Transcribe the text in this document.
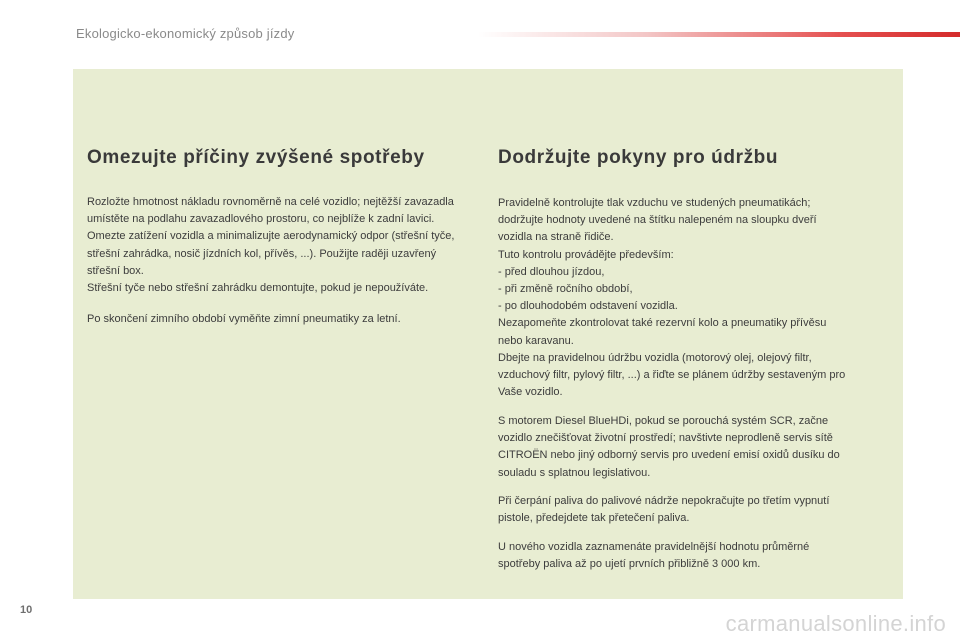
Ekologicko-ekonomický způsob jízdy
Omezujte příčiny zvýšené spotřeby

Rozložte hmotnost nákladu rovnoměrně na celé vozidlo; nejtěžší zavazadla
umístěte na podlahu zavazadlového prostoru, co nejblíže k zadní lavici.
Omezte zatížení vozidla a minimalizujte aerodynamický odpor (střešní tyče,
střešní zahrádka, nosič jízdních kol, přívěs, ...). Použijte raději uzavřený
střešní box.
Střešní tyče nebo střešní zahrádku demontujte, pokud je nepoužíváte.

Po skončení zimního období vyměňte zimní pneumatiky za letní.

Dodržujte pokyny pro údržbu

Pravidelně kontrolujte tlak vzduchu ve studených pneumatikách;
dodržujte hodnoty uvedené na štítku nalepeném na sloupku dveří
vozidla na straně řidiče.
Tuto kontrolu provádějte především:
- před dlouhou jízdou,
- při změně ročního období,
- po dlouhodobém odstavení vozidla.
Nezapomeňte zkontrolovat také rezervní kolo a pneumatiky přívěsu
nebo karavanu.

Dbejte na pravidelnou údržbu vozidla (motorový olej, olejový filtr,
vzduchový filtr, pylový filtr, ...) a řiďte se plánem údržby sestaveným pro
Vaše vozidlo.

S motorem Diesel BlueHDi, pokud se porouchá systém SCR, začne
vozidlo znečišťovat životní prostředí; navštivte neprodleně servis sítě
CITROËN nebo jiný odborný servis pro uvedení emisí oxidů dusíku do
souladu s splatnou legislativou.

Při čerpání paliva do palivové nádrže nepokračujte po třetím vypnutí
pistole, předejdete tak přetečení paliva.

U nového vozidla zaznamenáte pravidelnější hodnotu průměrné
spotřeby paliva až po ujetí prvních přibližně 3 000 km.

10
carmanualsonline.info
